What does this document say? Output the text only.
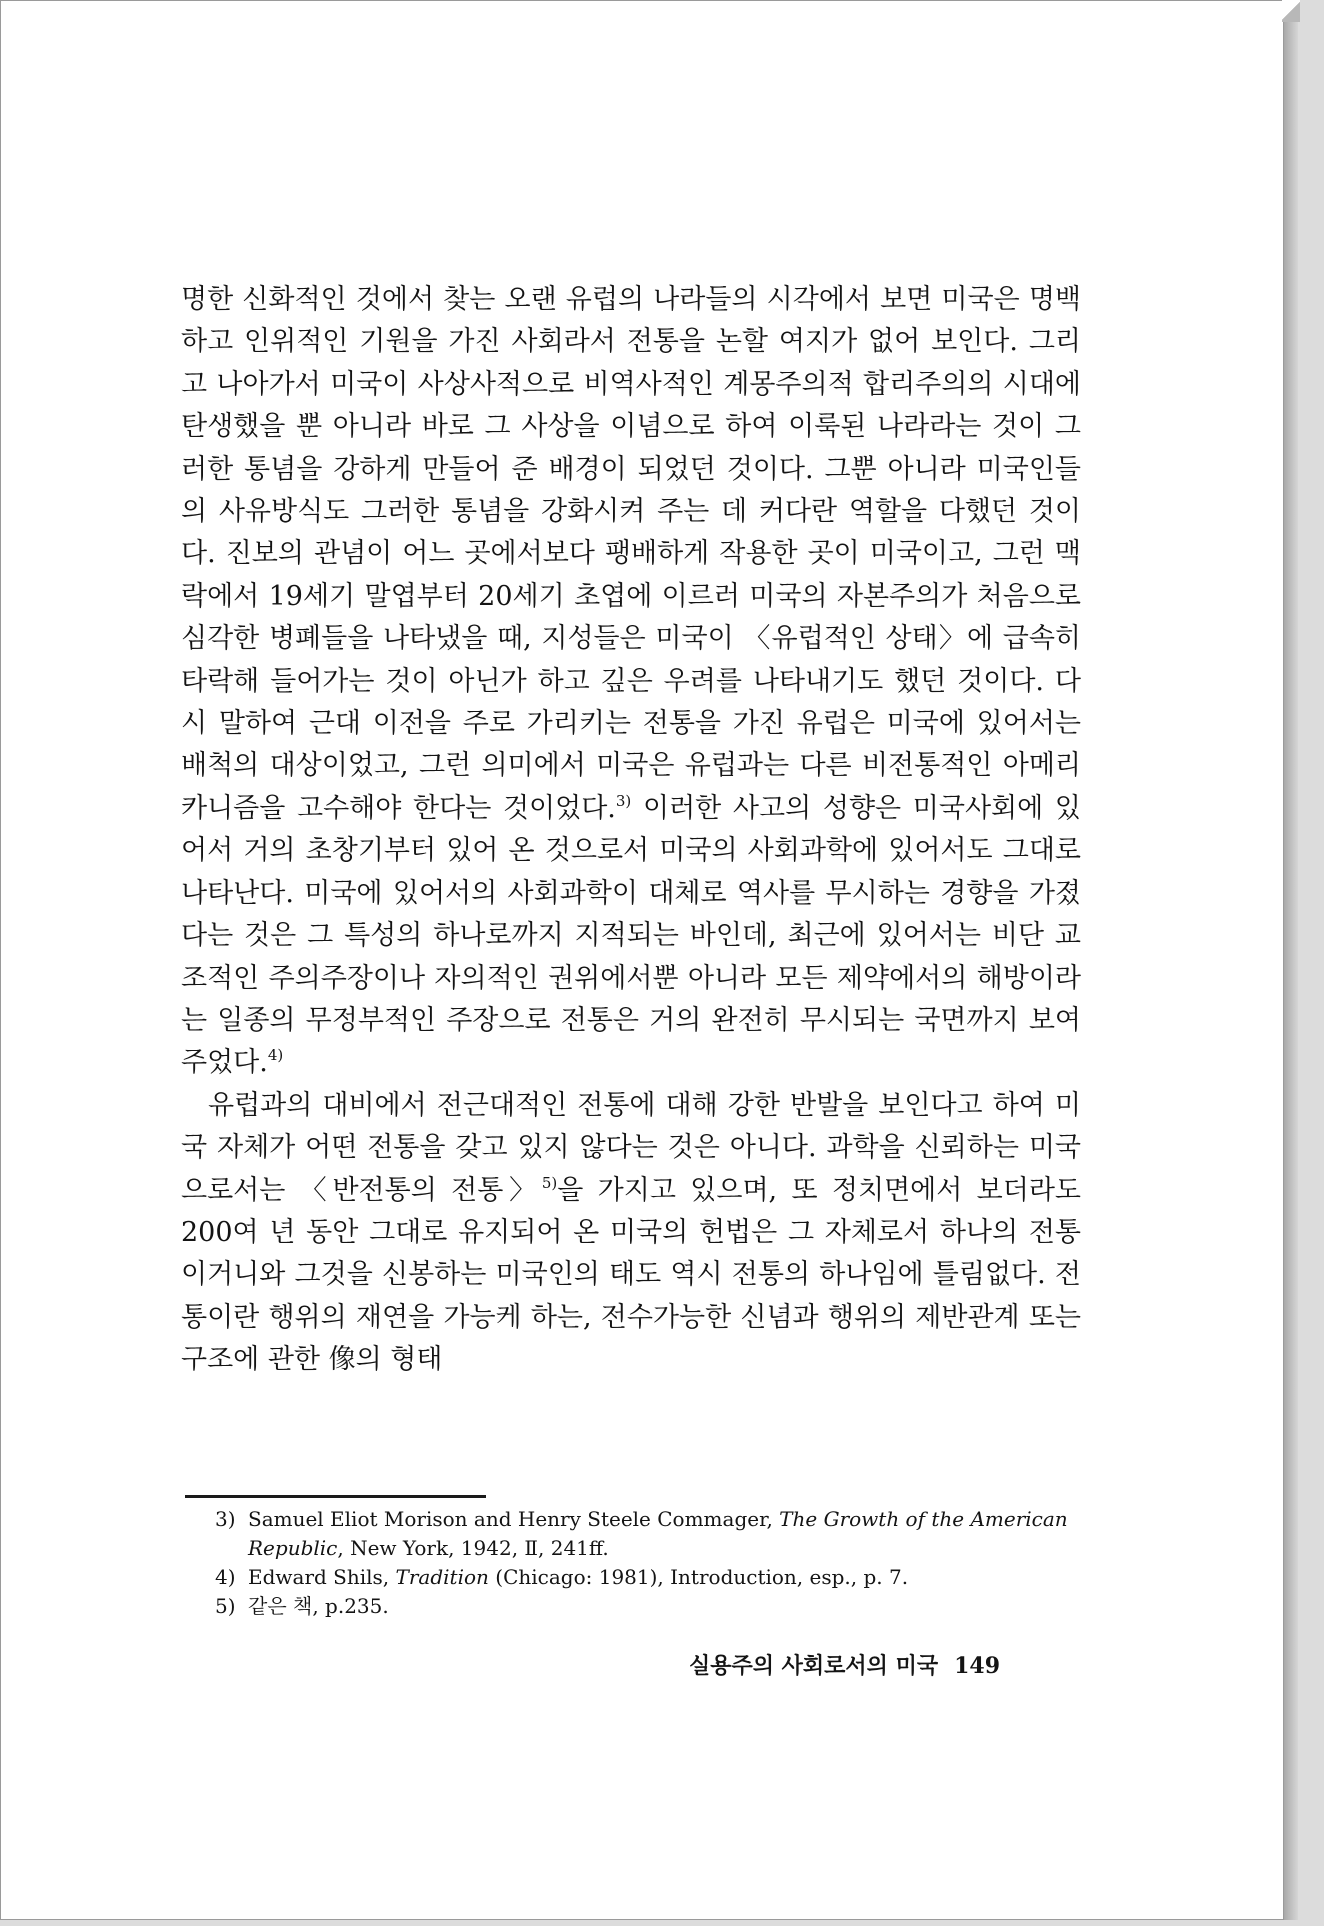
명한 신화적인 것에서 찾는 오랜 유럽의 나라들의 시각에서 보면 미국은 명백하고 인위적인 기원을 가진 사회라서 전통을 논할 여지가 없어 보인다. 그리고 나아가서 미국이 사상사적으로 비역사적인 계몽주의적 합리주의의 시대에 탄생했을 뿐 아니라 바로 그 사상을 이념으로 하여 이룩된 나라라는 것이 그러한 통념을 강하게 만들어 준 배경이 되었던 것이다. 그뿐 아니라 미국인들의 사유방식도 그러한 통념을 강화시켜 주는 데 커다란 역할을 다했던 것이다. 진보의 관념이 어느 곳에서보다 팽배하게 작용한 곳이 미국이고, 그런 맥락에서 19세기 말엽부터 20세기 초엽에 이르러 미국의 자본주의가 처음으로 심각한 병폐들을 나타냈을 때, 지성들은 미국이 〈유럽적인 상태〉에 급속히 타락해 들어가는 것이 아닌가 하고 깊은 우려를 나타내기도 했던 것이다. 다시 말하여 근대 이전을 주로 가리키는 전통을 가진 유럽은 미국에 있어서는 배척의 대상이었고, 그런 의미에서 미국은 유럽과는 다른 비전통적인 아메리카니즘을 고수해야 한다는 것이었다.$^{3)}$ 이러한 사고의 성향은 미국사회에 있어서 거의 초창기부터 있어 온 것으로서 미국의 사회과학에 있어서도 그대로 나타난다. 미국에 있어서의 사회과학이 대체로 역사를 무시하는 경향을 가졌다는 것은 그 특성의 하나로까지 지적되는 바인데, 최근에 있어서는 비단 교조적인 주의주장이나 자의적인 권위에서뿐 아니라 모든 제약에서의 해방이라는 일종의 무정부적인 주장으로 전통은 거의 완전히 무시되는 국면까지 보여 주었다.$^{4)}$

유럽과의 대비에서 전근대적인 전통에 대해 강한 반발을 보인다고 하여 미국 자체가 어떤 전통을 갖고 있지 않다는 것은 아니다. 과학을 신뢰하는 미국으로서는 〈반전통의 전통〉$^{5)}$을 가지고 있으며, 또 정치면에서 보더라도 200여 년 동안 그대로 유지되어 온 미국의 헌법은 그 자체로서 하나의 전통이거니와 그것을 신봉하는 미국인의 태도 역시 전통의 하나임에 틀림없다. 전통이란 행위의 재연을 가능케 하는, 전수가능한 신념과 행위의 제반관계 또는 구조에 관한 像의 형태

3) Samuel Eliot Morison and Henry Steele Commager, The Growth of the American Republic, New York, 1942, Ⅱ, 241ff.
4) Edward Shils, Tradition (Chicago: 1981), Introduction, esp., p. 7.
5) 같은 책, p.235.
실용주의 사회로서의 미국 149
